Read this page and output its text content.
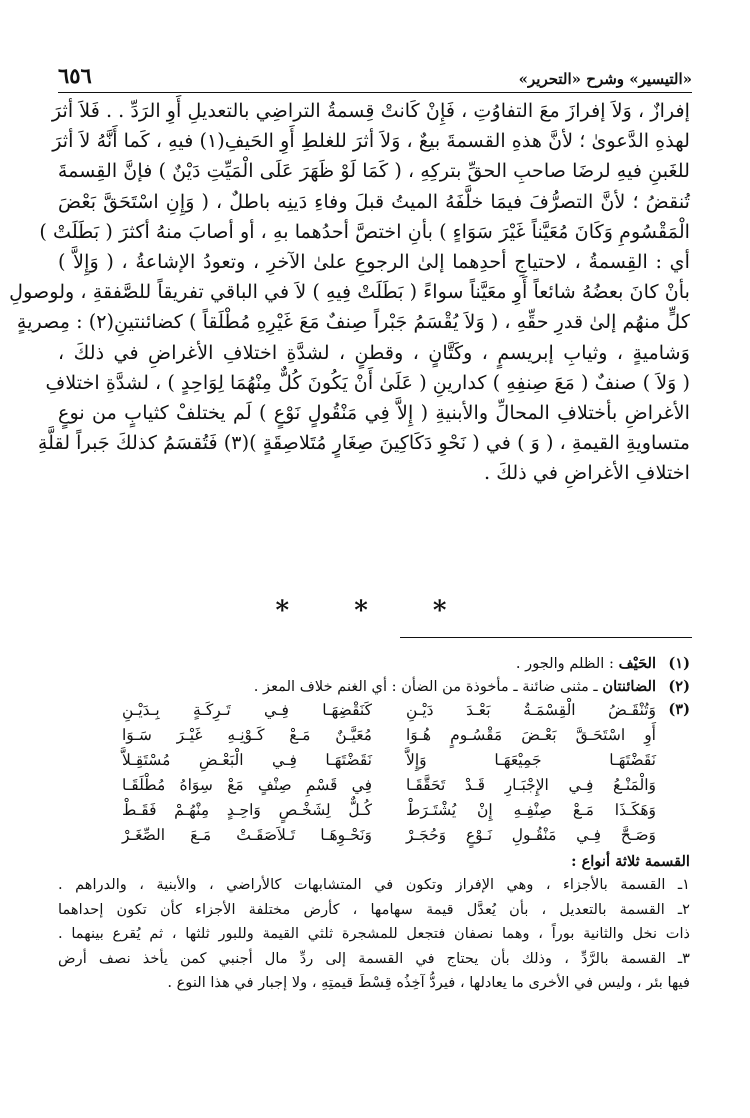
«التيسير» وشرح «التحرير»
٦٥٦
إفرازٌ ، وَلاَ إفرازَ معَ التفاوُتِ ، فَإِنْ كَانتْ قِسمةُ التراضِي بالتعديلِ أَوِ الرَدِّ . . فَلاَ أثرَ
لهذهِ الدَّعوىٰ ؛ لأنَّ هذهِ القسمةَ بيعٌ ، وَلاَ أثرَ للغلطِ أَوِ الحَيفِ(١) فيهِ ، كَما أَنَّهُ لاَ أثرَ
للغَبنِ فيهِ لرضَا صاحبِ الحقِّ بتركِهِ ، ( كَمَا لَوْ ظَهَرَ عَلَى الْمَيِّتِ دَيْنٌ ) فإنَّ القِسمةَ
تُنقضُ ؛ لأنَّ التصرُّفَ فيمَا خلَّفَهُ الميتُ قبلَ وفاءِ دَينِه باطلٌ ، ( وَإِنِ اسْتَحَقَّ بَعْضَ
الْمَقْسُومِ وَكَانَ مُعَيَّناً غَيْرَ سَوَاءٍ ) بأنِ اختصَّ أحدُهما بهِ ، أو أصابَ منهُ أكثرَ ( بَطَلَتْ )
أي : القِسمةُ ، لاحتياجِ أحدِهما إلىٰ الرجوعِ علىٰ الآخرِ ، وتعودُ الإشاعةُ ، ( وَإِلاَّ )
بأنْ كانَ بعضُهُ شائعاً أَوِ معَيَّناً سواءً ( بَطَلَتْ فِيهِ ) لاَ في الباقي تفريقاً للصَّفقةِ ، ولوصولِ
كلٍّ منهُم إلىٰ قدرِ حقِّهِ ، ( وَلاَ يُقْسَمُ جَبْراً صِنفٌ مَعَ غَيْرِهِ مُطْلَقاً ) كضائنتينِ(٢) : مِصريةٍ
وَشاميةٍ ، وثيابِ إبريسمٍ ، وكَتَّانٍ ، وقطنٍ ، لشدَّةِ اختلافِ الأغراضِ في ذلكَ ،
( وَلاَ ) صنفٌ ( مَعَ صِنفِهِ ) كدارينِ ( عَلَىٰ أَنْ يَكُونَ كُلٌّ مِنْهُمَا لِوَاحِدٍ ) ، لشدَّةِ اختلافِ
الأغراضِ بأختلافِ المحالِّ والأبنيةِ ( إِلاَّ فِي مَنْقُولٍ نَوْعٍ ) لَم يختلفْ كثيابٍ من نوعٍ
متساويةِ القيمةِ ، ( وَ ) في ( نَحْوِ دَكَاكِينَ صِغَارٍ مُتَلاصِقَةٍ )(٣) فَتُقسَمُ كذلكَ جَبراً لقلَّةِ
اختلافِ الأغراضِ في ذلكَ .
* * *
(١)
الحَيْف : الظلم والجور .
(٢)
الضائنتان ـ مثنى ضائنة ـ مأخوذة من الضأن : أي الغنم خلاف المعز .
(٣)
وَتُنْقَـضُ الْقِسْمَـةُ بَعْـدَ دَيْـنِ
كَنَقْضِهَـا فِـي تَـرِكَـةٍ بِـدَيْـنِ
أَوِ اسْتَحَـقَّ بَعْـضَ مَقْسُـومٍ هُـوَا
مُعَيَّـنٌ مَـعْ كَـوْنِـهِ غَيْـرَ سَـوَا
نَقَضْتَهَـا جَمِيْعَهَـا وَإِلاَّ
نَقَضْتَهَـا فِـي الْبَعْـضِ مُسْتَقِـلاَّ
وَالْمَنْـعُ فِـي الإِجْبَـارِ قَـدْ تَحَقَّقَـا
فِي قَسْمِ صِنْفٍ مَعْ سِوَاهُ مُطْلَقَـا
وَهَكَـذَا مَـعْ صِنْفِـهِ إِنْ يُشْتَـرَطْ
كُـلٌّ لِشَخْـصٍ وَاحِـدٍ مِنْهُـمْ فَقَـطْ
وَصَـحَّ فِـي مَنْقُـولِ نَـوْعٍ وَحُجَـرْ
وَنَحْـوِهَـا تَـلاَصَقَـتْ مَـعَ الصِّغَـرْ
القسمة ثلاثة أنواع :
١ـ القسمة بالأجزاء ، وهي الإفراز وتكون في المتشابهات كالأراضي ، والأبنية ، والدراهم .
٢ـ القسمة بالتعديل ، بأن يُعدَّل قيمة سهامها ، كأرض مختلفة الأجزاء كأن تكون إحداهما
ذات نخل والثانية بوراً ، وهما نصفان فتجعل للمشجرة ثلثي القيمة وللبور ثلثها ، ثم يُقرع بينهما .
٣ـ القسمة بالرَّدِّ ، وذلك بأن يحتاج في القسمة إلى ردِّ مال أجنبي كمن يأخذ نصف أرض
فيها بئر ، وليس في الأخرى ما يعادلها ، فيردُّ آخِذُه قِسْطَ قيمتِهِ ، ولا إجبار في هذا النوع .
